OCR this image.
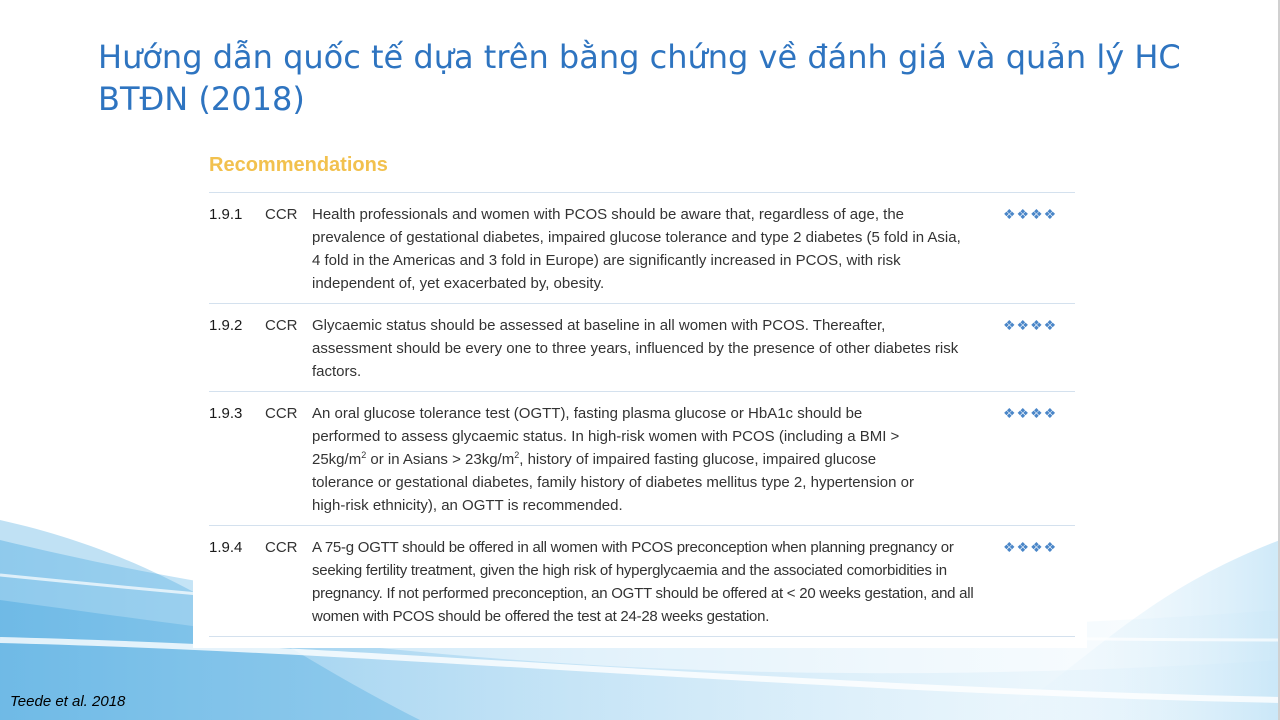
Hướng dẫn quốc tế dựa trên bằng chứng về đánh giá và quản lý HC BTĐN (2018)
Recommendations
1.9.1 CCR Health professionals and women with PCOS should be aware that, regardless of age, the prevalence of gestational diabetes, impaired glucose tolerance and type 2 diabetes (5 fold in Asia, 4 fold in the Americas and 3 fold in Europe) are significantly increased in PCOS, with risk independent of, yet exacerbated by, obesity.
❖❖❖❖
1.9.2 CCR Glycaemic status should be assessed at baseline in all women with PCOS. Thereafter, assessment should be every one to three years, influenced by the presence of other diabetes risk factors.
❖❖❖❖
1.9.3 CCR An oral glucose tolerance test (OGTT), fasting plasma glucose or HbA1c should be performed to assess glycaemic status. In high-risk women with PCOS (including a BMI > $25kg/m^2$ or in Asians > $23kg/m^2$, history of impaired fasting glucose, impaired glucose tolerance or gestational diabetes, family history of diabetes mellitus type 2, hypertension or high-risk ethnicity), an OGTT is recommended.
❖❖❖❖
1.9.4 CCR A 75-g OGTT should be offered in all women with PCOS preconception when planning pregnancy or seeking fertility treatment, given the high risk of hyperglycaemia and the associated comorbidities in pregnancy. If not performed preconception, an OGTT should be offered at < 20 weeks gestation, and all women with PCOS should be offered the test at 24-28 weeks gestation.
❖❖❖❖
Teede et al. 2018
